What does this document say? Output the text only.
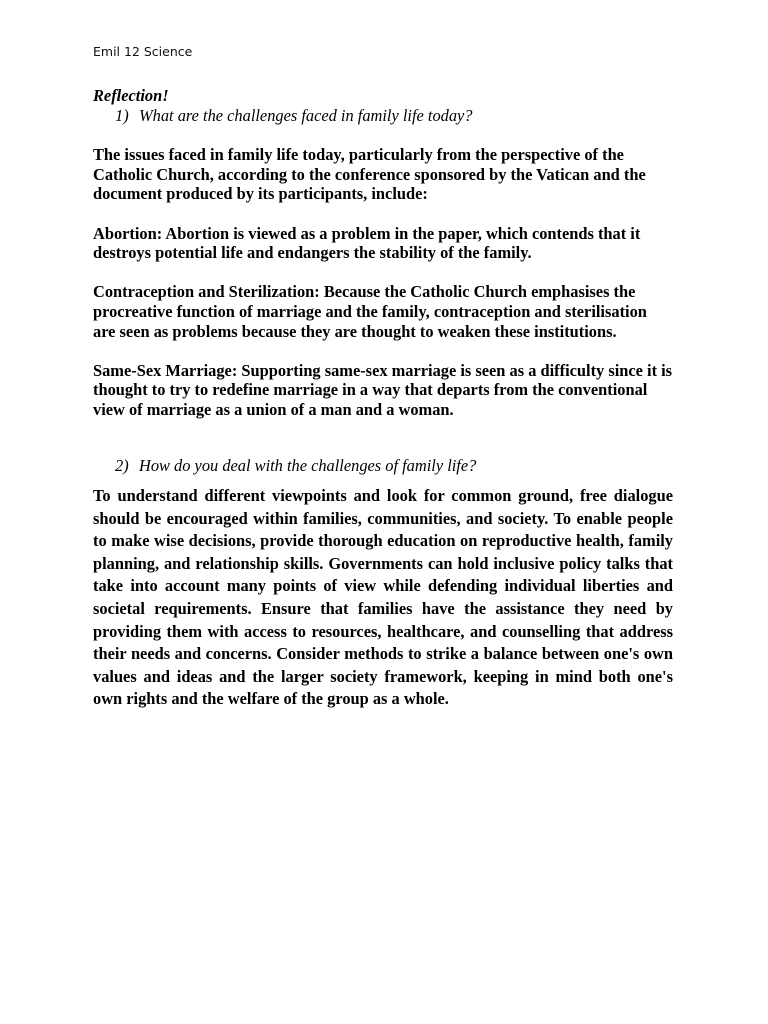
Emil 12 Science

Reflection!

1) What are the challenges faced in family life today?

The issues faced in family life today, particularly from the perspective of the Catholic Church, according to the conference sponsored by the Vatican and the document produced by its participants, include:

Abortion: Abortion is viewed as a problem in the paper, which contends that it destroys potential life and endangers the stability of the family.

Contraception and Sterilization: Because the Catholic Church emphasises the procreative function of marriage and the family, contraception and sterilisation are seen as problems because they are thought to weaken these institutions.

Same-Sex Marriage: Supporting same-sex marriage is seen as a difficulty since it is thought to try to redefine marriage in a way that departs from the conventional view of marriage as a union of a man and a woman.

2) How do you deal with the challenges of family life?

To understand different viewpoints and look for common ground, free dialogue should be encouraged within families, communities, and society. To enable people to make wise decisions, provide thorough education on reproductive health, family planning, and relationship skills. Governments can hold inclusive policy talks that take into account many points of view while defending individual liberties and societal requirements. Ensure that families have the assistance they need by providing them with access to resources, healthcare, and counselling that address their needs and concerns. Consider methods to strike a balance between one's own values and ideas and the larger society framework, keeping in mind both one's own rights and the welfare of the group as a whole.
